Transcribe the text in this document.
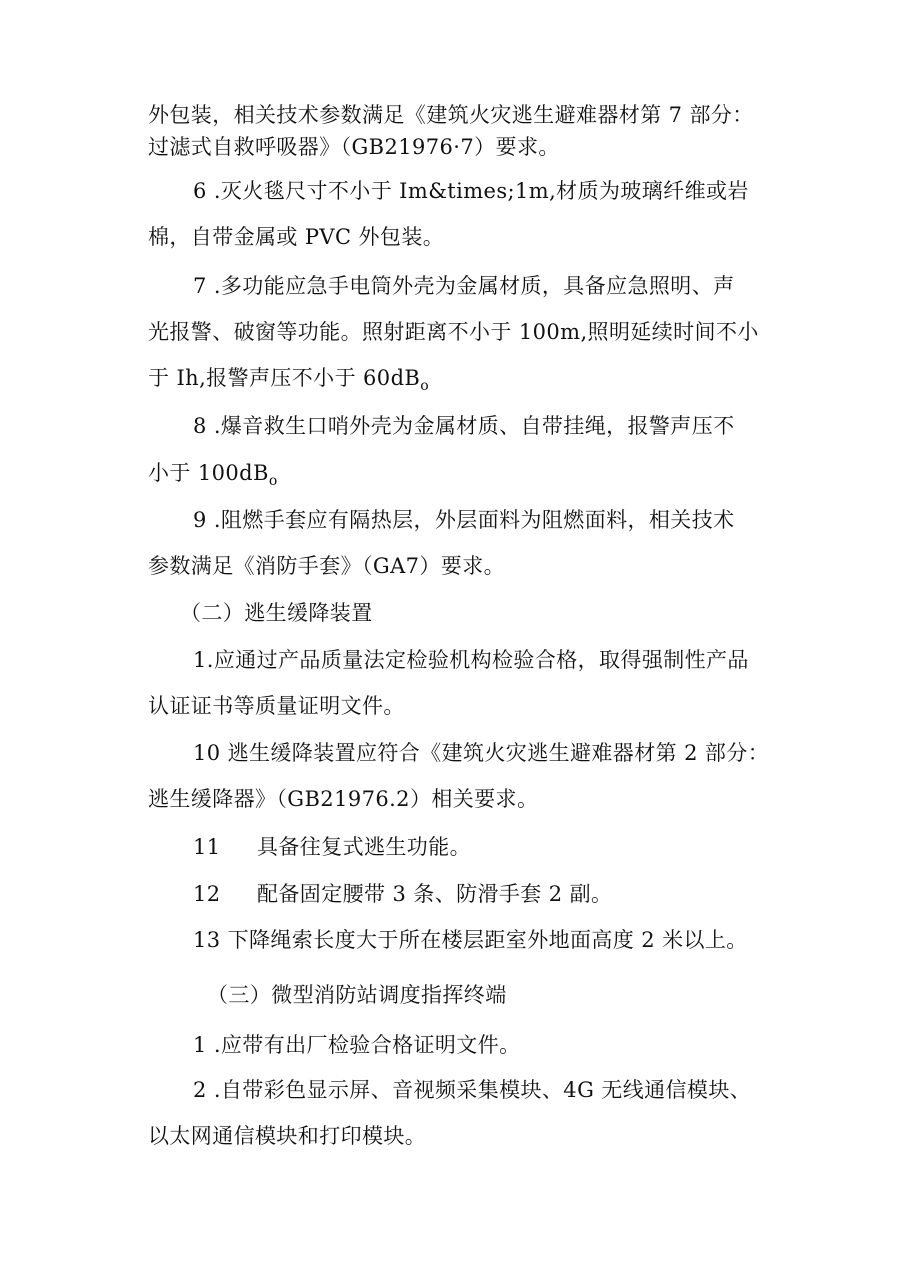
外包装，相关技术参数满足《建筑火灾逃生避难器材第 7 部分：
过滤式自救呼吸器》（GB21976·7）要求。
6 .灭火毯尺寸不小于 Im&times;1m,材质为玻璃纤维或岩
棉，自带金属或 PVC 外包装。
7 .多功能应急手电筒外壳为金属材质，具备应急照明、声
光报警、破窗等功能。照射距离不小于 100m,照明延续时间不小
于 Ih,报警声压不小于 $60dB_o$
8 .爆音救生口哨外壳为金属材质、自带挂绳，报警声压不
小于 $100dB_o$
9 .阻燃手套应有隔热层，外层面料为阻燃面料，相关技术
参数满足《消防手套》（GA7）要求。
（二）逃生缓降装置
1.应通过产品质量法定检验机构检验合格，取得强制性产品
认证证书等质量证明文件。
10 逃生缓降装置应符合《建筑火灾逃生避难器材第 2 部分：
逃生缓降器》（GB21976.2）相关要求。
11 具备往复式逃生功能。
12 配备固定腰带 3 条、防滑手套 2 副。
13 下降绳索长度大于所在楼层距室外地面高度 2 米以上。
（三）微型消防站调度指挥终端
1 .应带有出厂检验合格证明文件。
2 .自带彩色显示屏、音视频采集模块、4G 无线通信模块、
以太网通信模块和打印模块。
